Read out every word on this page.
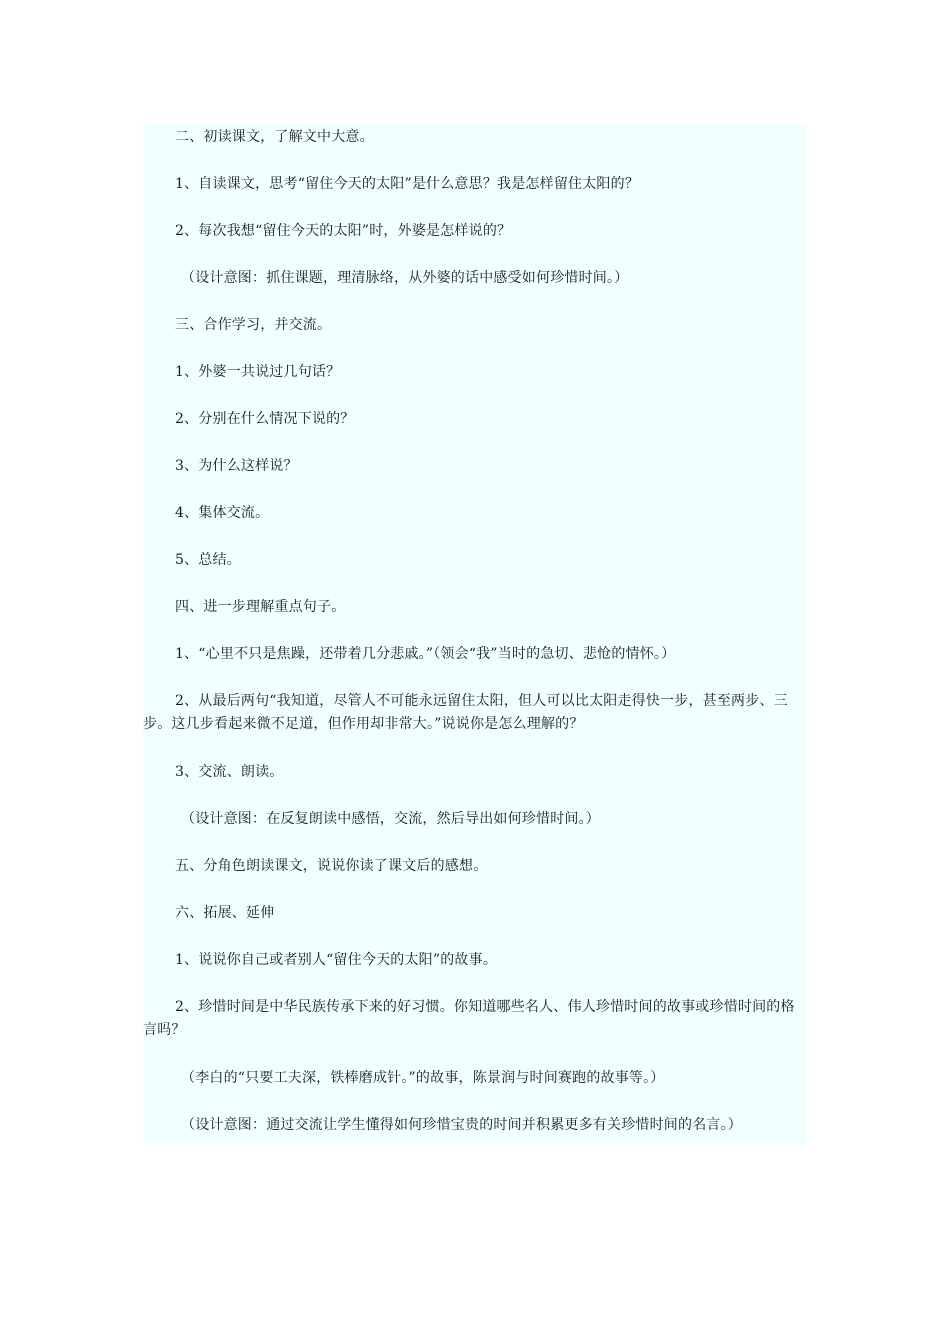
二、初读课文，了解文中大意。
1、自读课文，思考“留住今天的太阳”是什么意思？我是怎样留住太阳的？
2、每次我想“留住今天的太阳”时，外婆是怎样说的？
（设计意图：抓住课题，理清脉络，从外婆的话中感受如何珍惜时间。）
三、合作学习，并交流。
1、外婆一共说过几句话？
2、分别在什么情况下说的？
3、为什么这样说？
4、集体交流。
5、总结。
四、进一步理解重点句子。
1、“心里不只是焦躁，还带着几分悲戚。”（领会“我”当时的急切、悲怆的情怀。）
2、从最后两句“我知道，尽管人不可能永远留住太阳，但人可以比太阳走得快一步，甚至两步、三步。这几步看起来微不足道，但作用却非常大。”说说你是怎么理解的？
3、交流、朗读。
（设计意图：在反复朗读中感悟，交流，然后导出如何珍惜时间。）
五、分角色朗读课文，说说你读了课文后的感想。
六、拓展、延伸
1、说说你自己或者别人“留住今天的太阳”的故事。
2、珍惜时间是中华民族传承下来的好习惯。你知道哪些名人、伟人珍惜时间的故事或珍惜时间的格言吗？
（李白的“只要工夫深，铁棒磨成针。”的故事，陈景润与时间赛跑的故事等。）
（设计意图：通过交流让学生懂得如何珍惜宝贵的时间并积累更多有关珍惜时间的名言。）
